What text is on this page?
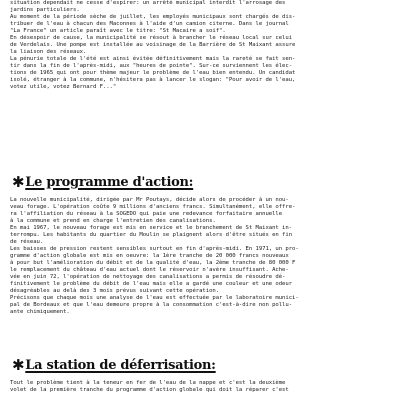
situation dependait ne cesse d'espirer: un arrêté municipal interdit l'arrosage des

jardins particuliers.

Au moment de la période sèche de juillet, les employés municipaux sont chargés de dis-

tribuer de l'eau à chacun des Maconnes à l'aide d'un camion citerne. Dans le journal

"La France" un article paraît avec le titre: "St Macaire a soif".

En désespoir de cause, la municipalité se résout à brancher le réseau local sur celui

de Verdelais. Une pompe est installée au voisinage de la Barrière de St Maixant assure

la liaison des réseaux.

La pénurie totale de l'été est ainsi évitée définitivement mais la rareté se fait sen-

tir dans la fin de l'après-midi, aux "heures de pointe". Sur-ce surviennent les élec-

tions de 1965 qui ont pour thème majeur le problème de l'eau bien entendu. Un candidat

isolé, étranger à la commune, n'hésitera pas à lancer le slogan: "Pour avoir de l'eau,

votez utile, votez Bernard F..."

✱Le programme d'action:

La nouvelle municipalité, dirigée par Mr Poutays, décide alors de procéder à un nou-

veau forage. L'opération coûte 9 millions d'anciens francs. Simultanément, elle offre-

ra l'affiliation du réseau à la SOGEDO qui paie une redevance forfaitaire annuelle

à la commune et prend en charge l'entretien des canalisations.

En mai 1967, le nouveau forage est mis en service et le branchement de St Maixant in-

terrompu. Les habitants du quartier du Moulin se plaignent alors d'être situés en fin

de réseau.

Les baisses de pression restent sensibles surtout en fin d'après-midi. En 1971, un pro-

gramme d'action globale est mis en oeuvre: la 1ère tranche de 20 000 francs nouveaux

à pour but l'amélioration du débit et de la qualité d'eau, la 2ème tranche de 80 000 F

le remplacement du château d'eau actuel dont le réservoir n'avère insuffisant. Ache-

vée en juin 72, l'opération de nettoyage des canalisations a permis de résoudre dé-

finitivement le problème du débit de l'eau mais elle a gardé une couleur et une odeur

désagréables au delà des 3 mois prévus suivant cette opération.

Précisons que chaque mois une analyse de l'eau est effectuée par le laboratoire munici-

pal de Bordeaux et que l'eau demeure propre à la consommation c'est-à-dire non pollu-

ante chimiquement.

✱La station de déferrisation:

Tout le problème tient à la teneur en fer de l'eau de la nappe et c'est la deuxième

volet de la première tranche du programme d'action globale qui doit la réparer c'est
